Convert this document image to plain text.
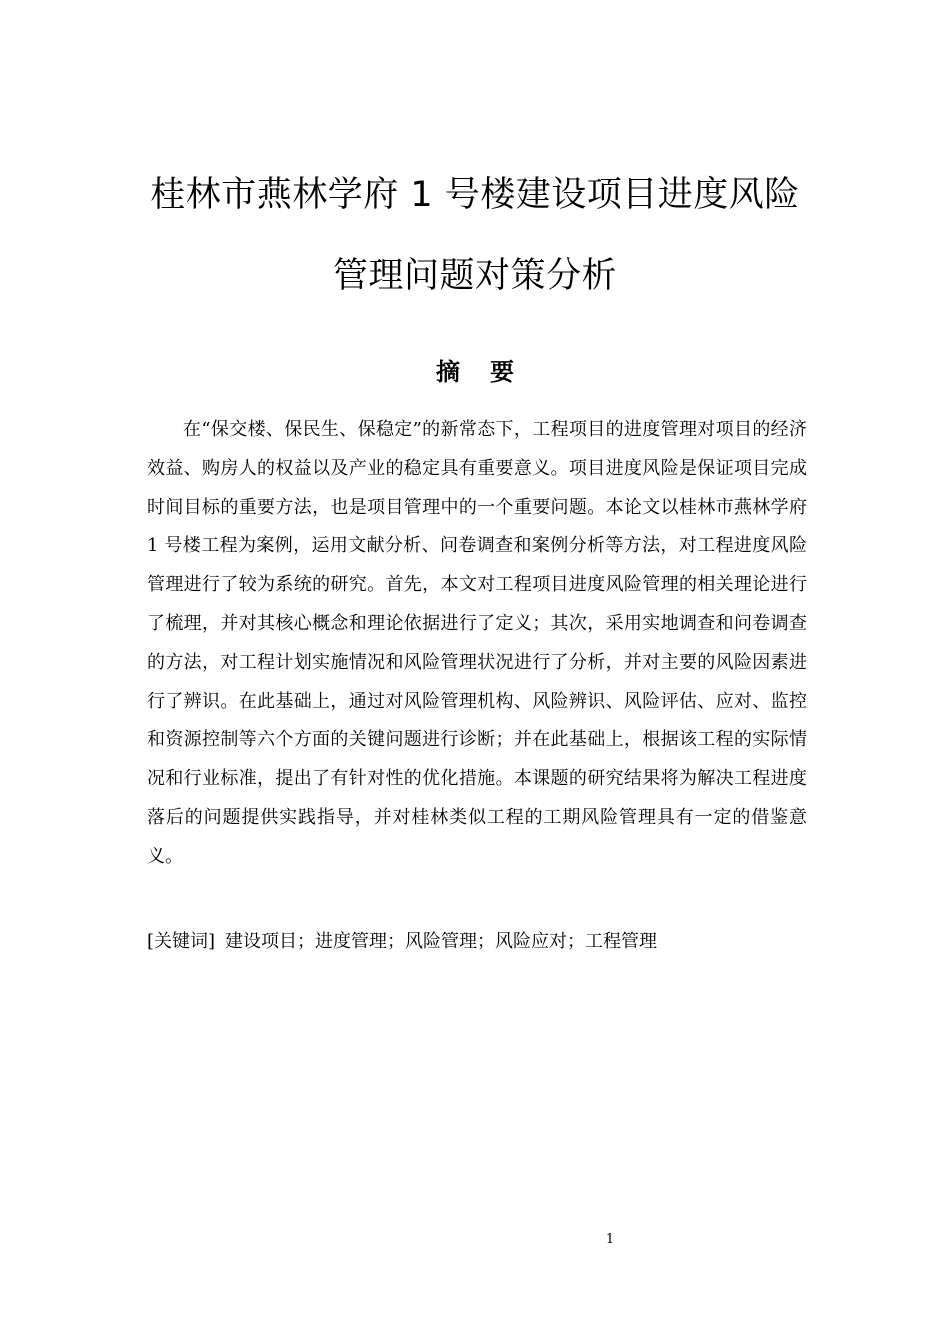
桂林市燕林学府 1 号楼建设项目进度风险
管理问题对策分析
摘 要

在“保交楼、保民生、保稳定”的新常态下，工程项目的进度管理对项目的经济效益、购房人的权益以及产业的稳定具有重要意义。项目进度风险是保证项目完成时间目标的重要方法，也是项目管理中的一个重要问题。本论文以桂林市燕林学府 1 号楼工程为案例，运用文献分析、问卷调查和案例分析等方法，对工程进度风险管理进行了较为系统的研究。首先，本文对工程项目进度风险管理的相关理论进行了梳理，并对其核心概念和理论依据进行了定义；其次，采用实地调查和问卷调查的方法，对工程计划实施情况和风险管理状况进行了分析，并对主要的风险因素进行了辨识。在此基础上，通过对风险管理机构、风险辨识、风险评估、应对、监控和资源控制等六个方面的关键问题进行诊断；并在此基础上，根据该工程的实际情况和行业标准，提出了有针对性的优化措施。本课题的研究结果将为解决工程进度落后的问题提供实践指导，并对桂林类似工程的工期风险管理具有一定的借鉴意义。

[关键词] 建设项目；进度管理；风险管理；风险应对；工程管理
1
